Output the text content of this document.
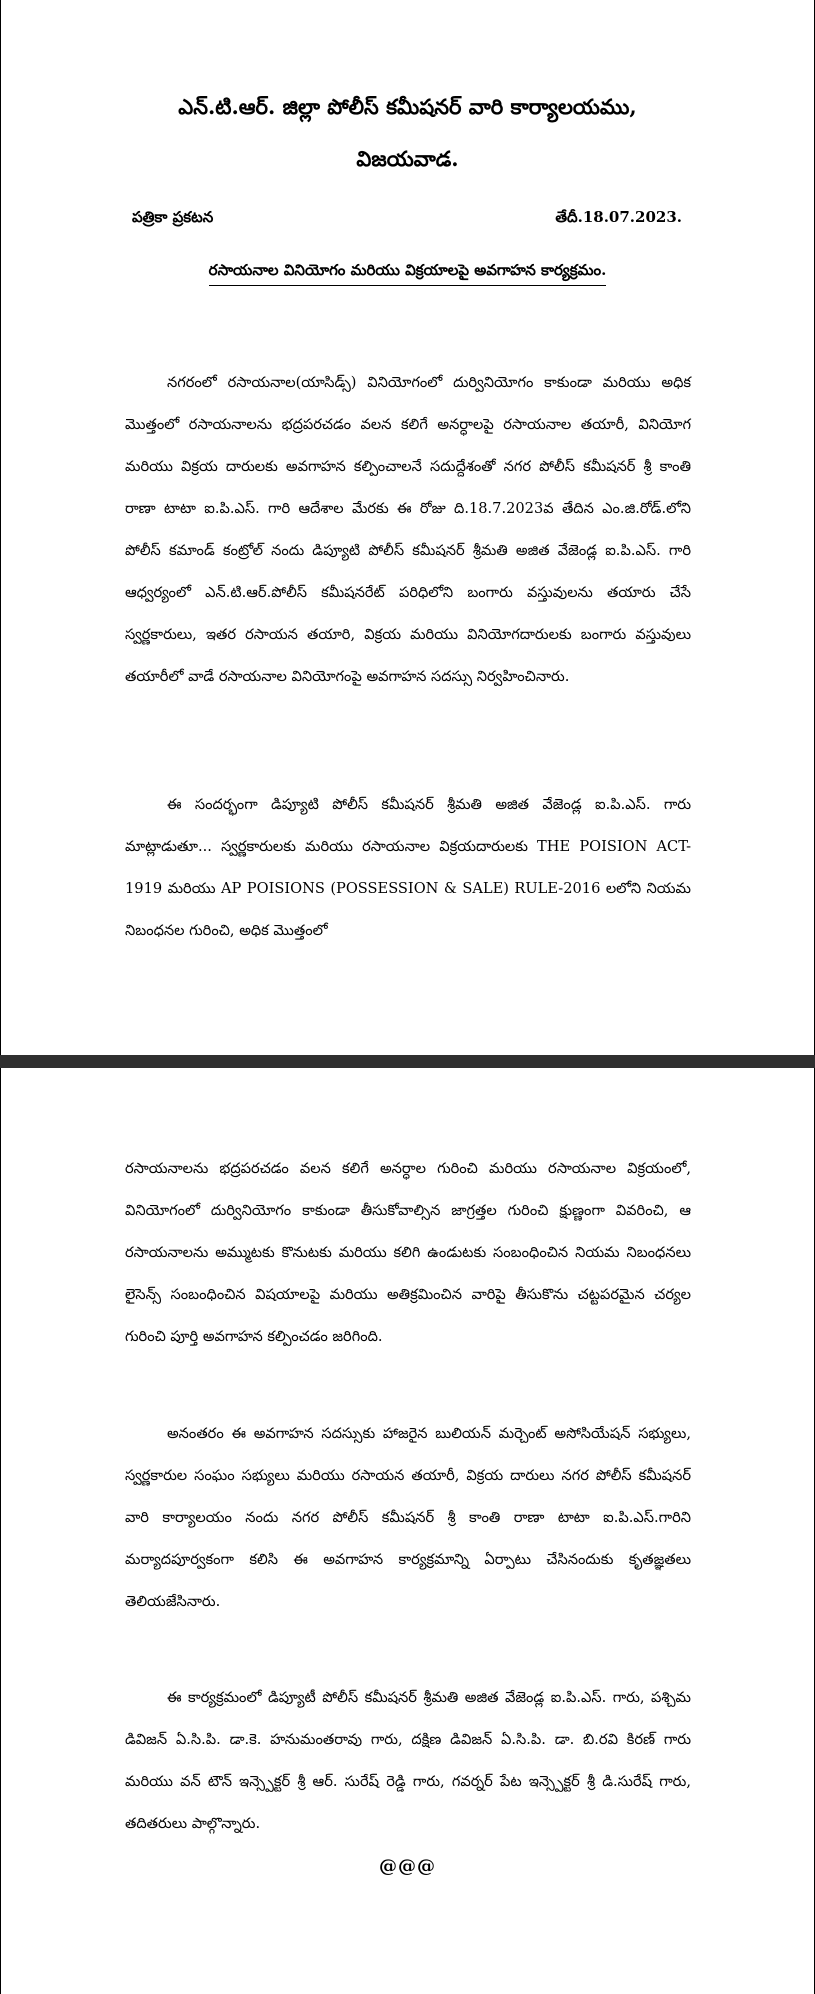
ఎన్.టి.ఆర్. జిల్లా పోలీస్ కమీషనర్ వారి కార్యాలయము,
విజయవాడ.
పత్రికా ప్రకటన	తేదీ.18.07.2023.
రసాయనాల వినియోగం మరియు విక్రయాలపై అవగాహన కార్యక్రమం.

నగరంలో రసాయనాల(యాసిడ్స్) వినియోగంలో దుర్వినియోగం కాకుండా మరియు అధిక మొత్తంలో రసాయనాలను భద్రపరచడం వలన కలిగే అనర్ధాలపై రసాయనాల తయారీ, వినియోగ మరియు విక్రయ దారులకు అవగాహన కల్పించాలనే సదుద్దేశంతో నగర పోలీస్ కమీషనర్ శ్రీ కాంతి రాణా టాటా ఐ.పి.ఎస్. గారి ఆదేశాల మేరకు ఈ రోజు ది.18.7.2023వ తేదిన ఎం.జి.రోడ్.లోని పోలీస్ కమాండ్ కంట్రోల్ నందు డిప్యూటి పోలీస్ కమీషనర్ శ్రీమతి అజిత వేజెండ్ల ఐ.పి.ఎస్. గారి ఆధ్వర్యంలో ఎన్.టి.ఆర్.పోలీస్ కమీషనరేట్ పరిధిలోని బంగారు వస్తువులను తయారు చేసే స్వర్ణకారులు, ఇతర రసాయన తయారి, విక్రయ మరియు వినియోగదారులకు బంగారు వస్తువులు తయారీలో వాడే రసాయనాల వినియోగంపై అవగాహన సదస్సు నిర్వహించినారు.

ఈ సందర్భంగా డిప్యూటి పోలీస్ కమీషనర్ శ్రీమతి అజిత వేజెండ్ల ఐ.పి.ఎస్. గారు మాట్లాడుతూ... స్వర్ణకారులకు మరియు రసాయనాల విక్రయదారులకు THE POISION ACT-1919 మరియు AP POISIONS (POSSESSION & SALE) RULE-2016 లలోని నియమ నిబంధనల గురించి, అధిక మొత్తంలో

రసాయనాలను భద్రపరచడం వలన కలిగే అనర్ధాల గురించి మరియు రసాయనాల విక్రయంలో, వినియోగంలో దుర్వినియోగం కాకుండా తీసుకోవాల్సిన జాగ్రత్తల గురించి క్షుణ్ణంగా వివరించి, ఆ రసాయనాలను అమ్ముటకు కొనుటకు మరియు కలిగి ఉండుటకు సంబంధించిన నియమ నిబంధనలు లైసెన్స్ సంబంధించిన విషయాలపై మరియు అతిక్రమించిన వారిపై తీసుకొను చట్టపరమైన చర్యల గురించి పూర్తి అవగాహన కల్పించడం జరిగింది.

అనంతరం ఈ అవగాహన సదస్సుకు హాజరైన బులియన్ మర్చెంట్ అసోసియేషన్ సభ్యులు, స్వర్ణకారుల సంఘం సభ్యులు మరియు రసాయన తయారీ, విక్రయ దారులు నగర పోలీస్ కమీషనర్ వారి కార్యాలయం నందు నగర పోలీస్ కమీషనర్ శ్రీ కాంతి రాణా టాటా ఐ.పి.ఎస్.గారిని మర్యాదపూర్వకంగా కలిసి ఈ అవగాహన కార్యక్రమాన్ని ఏర్పాటు చేసినందుకు కృతజ్ఞతలు తెలియజేసినారు.

ఈ కార్యక్రమంలో డిప్యూటీ పోలీస్ కమీషనర్ శ్రీమతి అజిత వేజెండ్ల ఐ.పి.ఎస్. గారు, పశ్చిమ డివిజన్ ఏ.సి.పి. డా.కె. హనుమంతరావు గారు, దక్షిణ డివిజన్ ఏ.సి.పి. డా. బి.రవి కిరణ్ గారు మరియు వన్ టౌన్ ఇన్స్పెక్టర్ శ్రీ ఆర్. సురేష్ రెడ్డి గారు, గవర్నర్ పేట ఇన్స్పెక్టర్ శ్రీ డి.సురేష్ గారు, తదితరులు పాల్గొన్నారు.

@@@
